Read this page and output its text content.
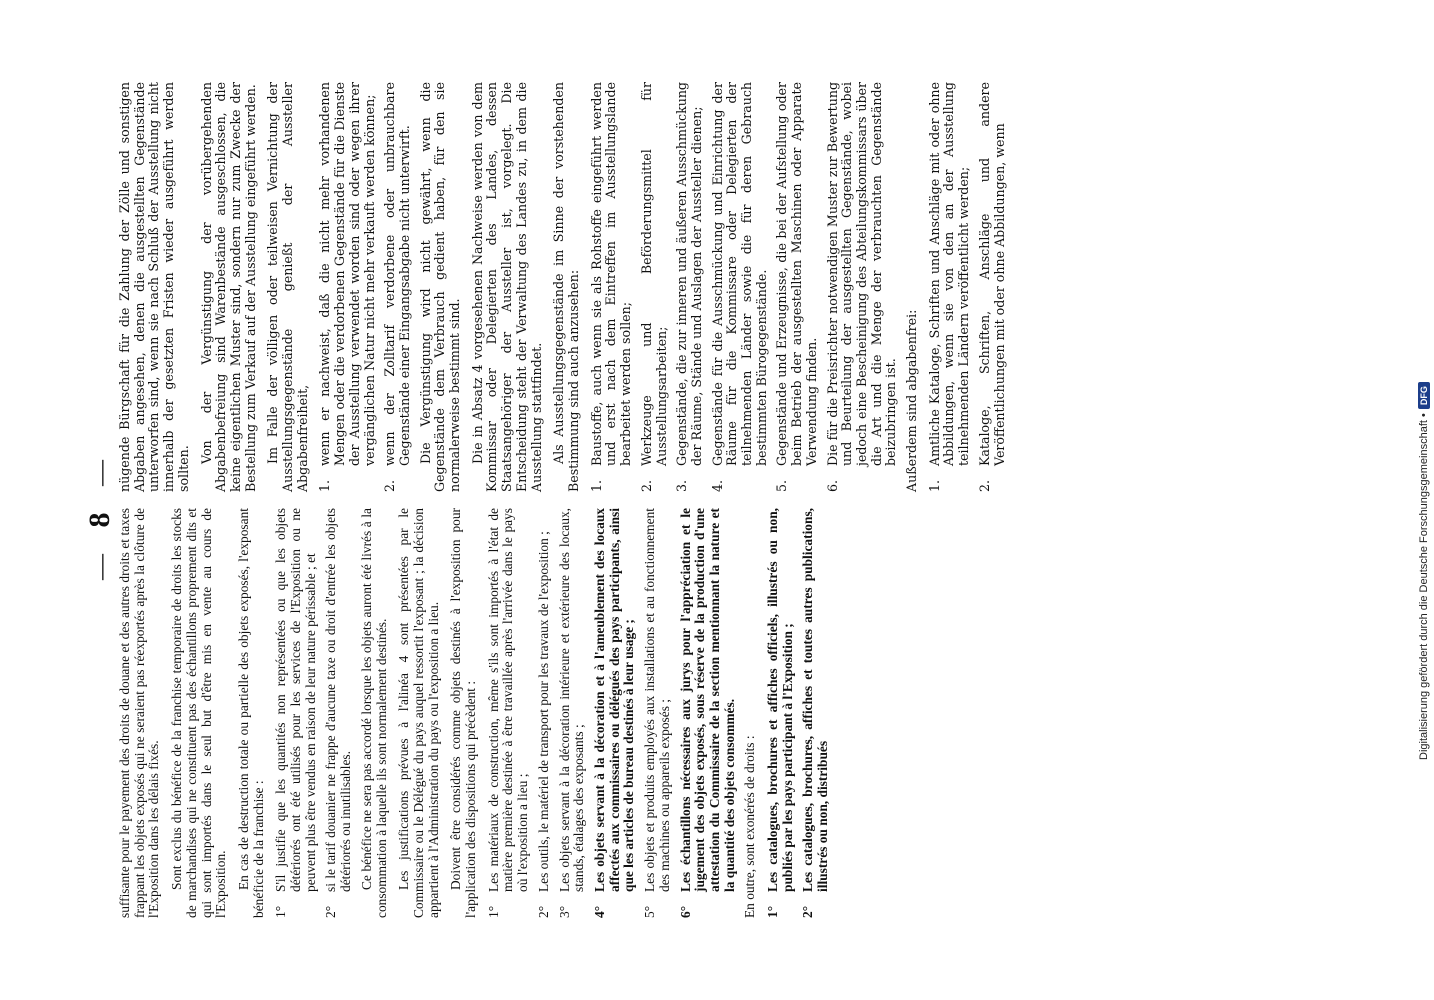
— 8 —

suffisante pour le payement des droits de douane et des autres droits et taxes frappant les objets exposés qui ne seraient pas réexportés après la clôture de l'Exposition dans les délais fixés. Sont exclus du bénéfice de la franchise temporaire de droits les stocks de marchandises qui ne constituent pas des échantillons proprement dits et qui sont importés dans le seul but d'être mis en vente au cours de l'Exposition. En cas de destruction totale ou partielle des objets exposés, l'exposant bénéficie de la franchise : 1°
S'il justifie que les quantités non représentées ou que les objets détériorés ont été utilisés pour les services de l'Exposition ou ne peuvent plus être vendus en raison de leur nature périssable ; et
2°
si le tarif douanier ne frappe d'aucune taxe ou droit d'entrée les objets détériorés ou inutilisables. Ce bénéfice ne sera pas accordé lorsque les objets auront été livrés à la consommation à laquelle ils sont normalement destinés. Les justifications prévues à l'alinéa 4 sont présentées par le Commissaire ou le Délégué du pays auquel ressortit l'exposant ; la décision appartient à l'Administration du pays ou l'exposition a lieu. Doivent être considérés comme objets destinés à l'exposition pour l'application des dispositions qui précèdent : 1°
Les matériaux de construction, même s'ils sont importés à l'état de matière première destinée à être travaillée après l'arrivée dans le pays où l'exposition a lieu ;
2°
Les outils, le matériel de transport pour les travaux de l'exposition ;
3°
Les objets servant à la décoration intérieure et extérieure des locaux, stands, étalages des exposants ;
4°
Les objets servant à la décoration et à l'ameublement des locaux affectés aux commissaires ou délégués des pays participants, ainsi que les articles de bureau destinés à leur usage ;
5°
Les objets et produits employés aux installations et au fonctionnement des machines ou appareils exposés ;
6°
Les échantillons nécessaires aux jurys pour l'appréciation et le jugement des objets exposés, sous réserve de la production d'une attestation du Commissaire de la section mentionnant la nature et la quantité des objets consommés. En outre, sont exonérés de droits : 1°
Les catalogues, brochures et affiches officiels, illustrés ou non, publiés par les pays participant à l'Exposition ;
2°
Les catalogues, brochures, affiches et toutes autres publications, illustrés ou non, distribués

nügende Bürgschaft für die Zahlung der Zölle und sonstigen Abgaben angesehen, denen die ausgestellten Gegenstände unterworfen sind, wenn sie nach Schluß der Ausstellung nicht innerhalb der gesetzten Fristen wieder ausgeführt werden sollten.

Von der Vergünstigung der vorübergehenden Abgabenbefreiung sind Warenbestände ausgeschlossen, die keine eigentlichen Muster sind, sondern nur zum Zwecke der Bestellung zum Verkauf auf der Ausstellung eingeführt werden. Im Falle der völligen oder teilweisen Vernichtung der Ausstellungsgegenstände genießt der Aussteller Abgabenfreiheit, 1.
wenn er nachweist, daß die nicht mehr vorhandenen Mengen oder die verdorbenen Gegenstände für die Dienste der Ausstellung verwendet worden sind oder wegen ihrer vergänglichen Natur nicht mehr verkauft werden können;
2.
wenn der Zolltarif verdorbene oder unbrauchbare Gegenstände einer Eingangsabgabe nicht unterwirft. Die Vergünstigung wird nicht gewährt, wenn die Gegenstände dem Verbrauch gedient haben, für den sie normalerweise bestimmt sind. Die in Absatz 4 vorgesehenen Nachweise werden von dem Kommissar oder Delegierten des Landes, dessen Staatsangehöriger der Aussteller ist, vorgelegt. Die Entscheidung steht der Verwaltung des Landes zu, in dem die Ausstellung stattfindet. Als Ausstellungsgegenstände im Sinne der vorstehenden Bestimmung sind auch anzusehen: 1.
Baustoffe, auch wenn sie als Rohstoffe eingeführt werden und erst nach dem Eintreffen im Ausstellungslande bearbeitet werden sollen;
2.
Werkzeuge und Beförderungsmittel für Ausstellungsarbeiten;
3.
Gegenstände, die zur inneren und äußeren Ausschmückung der Räume, Stände und Auslagen der Aussteller dienen;
4.
Gegenstände für die Ausschmückung und Einrichtung der Räume für die Kommissare oder Delegierten der teilnehmenden Länder sowie die für deren Gebrauch bestimmten Bürogegenstände.
5.
Gegenstände und Erzeugnisse, die bei der Aufstellung oder beim Betrieb der ausgestellten Maschinen oder Apparate Verwendung finden.
6.
Die für die Preisrichter notwendigen Muster zur Bewertung und Beurteilung der ausgestellten Gegenstände, wobei jedoch eine Bescheinigung des Abteilungskommissars über die Art und die Menge der verbrauchten Gegenstände beizubringen ist. Außerdem sind abgabenfrei: 1.
Amtliche Kataloge, Schriften und Anschläge mit oder ohne Abbildungen, wenn sie von den an der Ausstellung teilnehmenden Ländern veröffentlicht werden;
2.
Kataloge, Schriften, Anschläge und andere Veröffentlichungen mit oder ohne Abbildungen, wenn
Digitalisierung gefördert durch die Deutsche Forschungsgemeinschaft •
DFG
